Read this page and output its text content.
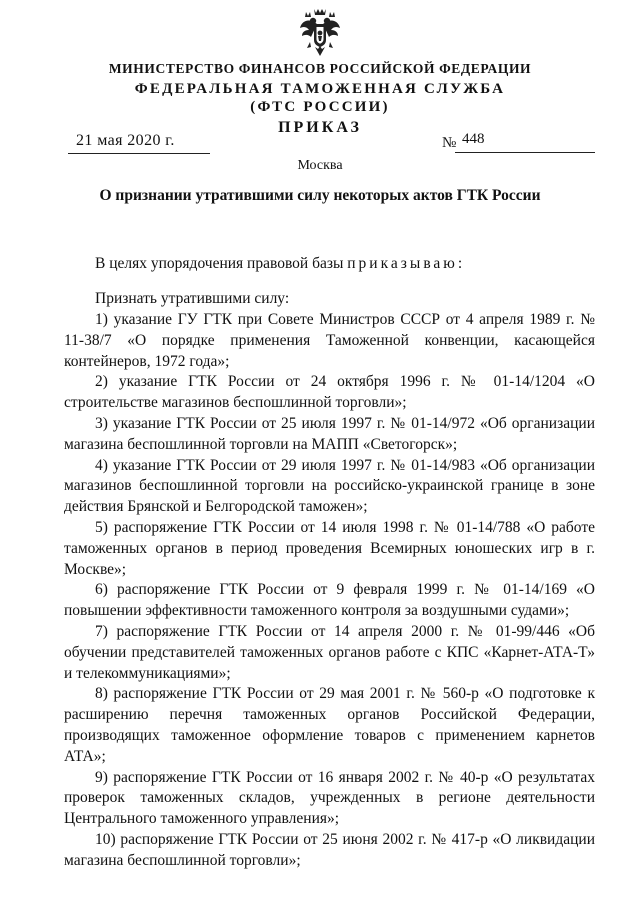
МИНИСТЕРСТВО ФИНАНСОВ РОССИЙСКОЙ ФЕДЕРАЦИИ
ФЕДЕРАЛЬНАЯ ТАМОЖЕННАЯ СЛУЖБА
(ФТС РОССИИ)
ПРИКАЗ
21 мая 2020 г.	№ 448
Москва
О признании утратившими силу некоторых актов ГТК России

В целях упорядочения правовой базы приказываю:

Признать утратившими силу:

1) указание ГУ ГТК при Совете Министров СССР от 4 апреля 1989 г. № 11-38/7 «О порядке применения Таможенной конвенции, касающейся контейнеров, 1972 года»;

2) указание ГТК России от 24 октября 1996 г. № 01-14/1204 «О строительстве магазинов беспошлинной торговли»;

3) указание ГТК России от 25 июля 1997 г. № 01-14/972 «Об организации магазина беспошлинной торговли на МАПП «Светогорск»;

4) указание ГТК России от 29 июля 1997 г. № 01-14/983 «Об организации магазинов беспошлинной торговли на российско-украинской границе в зоне действия Брянской и Белгородской таможен»;

5) распоряжение ГТК России от 14 июля 1998 г. № 01-14/788 «О работе таможенных органов в период проведения Всемирных юношеских игр в г. Москве»;

6) распоряжение ГТК России от 9 февраля 1999 г. № 01-14/169 «О повышении эффективности таможенного контроля за воздушными судами»;

7) распоряжение ГТК России от 14 апреля 2000 г. № 01-99/446 «Об обучении представителей таможенных органов работе с КПС «Карнет-АТА-Т» и телекоммуникациями»;

8) распоряжение ГТК России от 29 мая 2001 г. № 560-р «О подготовке к расширению перечня таможенных органов Российской Федерации, производящих таможенное оформление товаров с применением карнетов АТА»;

9) распоряжение ГТК России от 16 января 2002 г. № 40-р «О результатах проверок таможенных складов, учрежденных в регионе деятельности Центрального таможенного управления»;

10) распоряжение ГТК России от 25 июня 2002 г. № 417-р «О ликвидации магазина беспошлинной торговли»;
